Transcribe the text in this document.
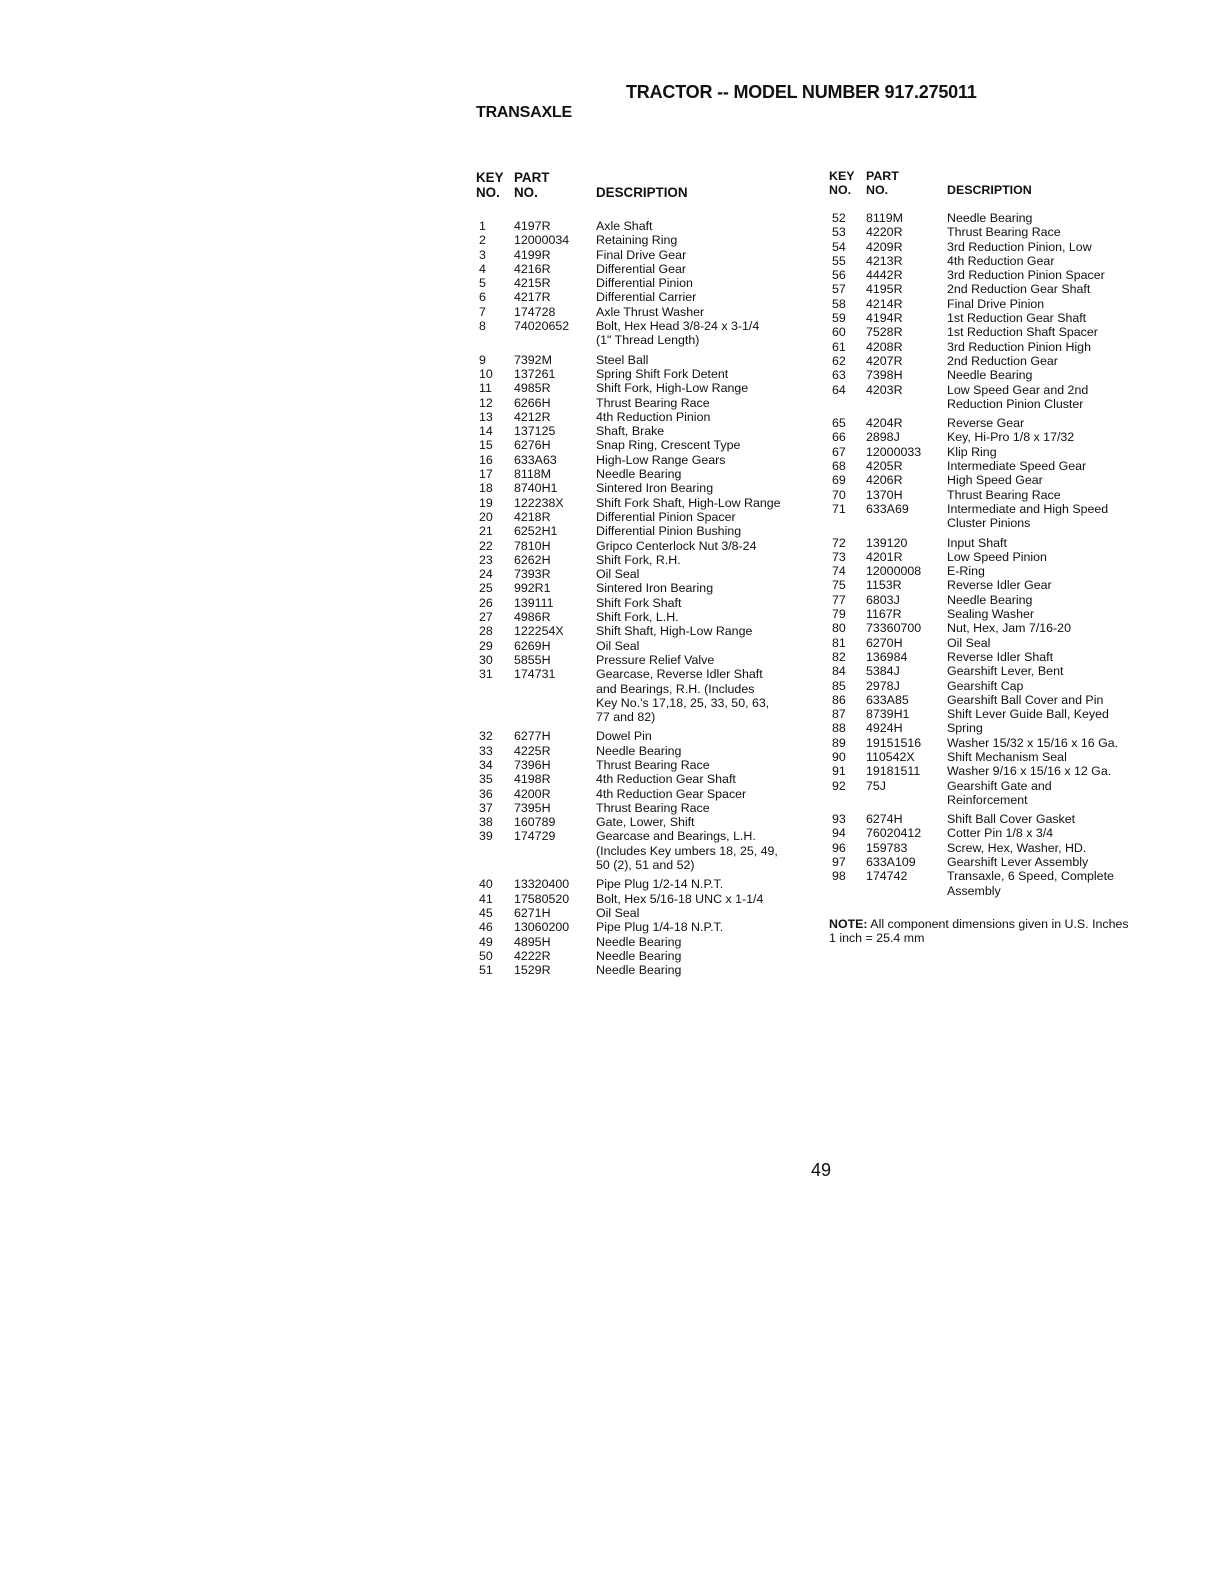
TRACTOR -- MODEL NUMBER 917.275011
TRANSAXLE
KEY
NO.
PART
NO.	DESCRIPTION
1	4197R	Axle Shaft
2	12000034	Retaining Ring
3	4199R	Final Drive Gear
4	4216R	Differential Gear
5	4215R	Differential Pinion
6	4217R	Differential Carrier
7	174728	Axle Thrust Washer
8	74020652	Bolt, Hex Head 3/8-24 x 3-1/4
(1" Thread Length)
9	7392M	Steel Ball
10	137261	Spring Shift Fork Detent
11	4985R	Shift Fork, High-Low Range
12	6266H	Thrust Bearing Race
13	4212R	4th Reduction Pinion
14	137125	Shaft, Brake
15	6276H	Snap Ring, Crescent Type
16	633A63	High-Low Range Gears
17	8118M	Needle Bearing
18	8740H1	Sintered Iron Bearing
19	122238X	Shift Fork Shaft, High-Low Range
20	4218R	Differential Pinion Spacer
21	6252H1	Differential Pinion Bushing
22	7810H	Gripco Centerlock Nut 3/8-24
23	6262H	Shift Fork, R.H.
24	7393R	Oil Seal
25	992R1	Sintered Iron Bearing
26	139111	Shift Fork Shaft
27	4986R	Shift Fork, L.H.
28	122254X	Shift Shaft, High-Low Range
29	6269H	Oil Seal
30	5855H	Pressure Relief Valve
31	174731	Gearcase, Reverse Idler Shaft
and Bearings, R.H. (Includes
Key No.'s 17,18, 25, 33, 50, 63,
77 and 82)
32	6277H	Dowel Pin
33	4225R	Needle Bearing
34	7396H	Thrust Bearing Race
35	4198R	4th Reduction Gear Shaft
36	4200R	4th Reduction Gear Spacer
37	7395H	Thrust Bearing Race
38	160789	Gate, Lower, Shift
39	174729	Gearcase and Bearings, L.H.
(Includes Key umbers 18, 25, 49,
50 (2), 51 and 52)
40	13320400	Pipe Plug 1/2-14 N.P.T.
41	17580520	Bolt, Hex 5/16-18 UNC x 1-1/4
45	6271H	Oil Seal
46	13060200	Pipe Plug 1/4-18 N.P.T.
49	4895H	Needle Bearing
50	4222R	Needle Bearing
51	1529R	Needle Bearing
KEY
NO.
PART
NO.	DESCRIPTION
52	8119M	Needle Bearing
53	4220R	Thrust Bearing Race
54	4209R	3rd Reduction Pinion, Low
55	4213R	4th Reduction Gear
56	4442R	3rd Reduction Pinion Spacer
57	4195R	2nd Reduction Gear Shaft
58	4214R	Final Drive Pinion
59	4194R	1st Reduction Gear Shaft
60	7528R	1st Reduction Shaft Spacer
61	4208R	3rd Reduction Pinion High
62	4207R	2nd Reduction Gear
63	7398H	Needle Bearing
64	4203R	Low Speed Gear and 2nd
Reduction Pinion Cluster
65	4204R	Reverse Gear
66	2898J	Key, Hi-Pro 1/8 x 17/32
67	12000033	Klip Ring
68	4205R	Intermediate Speed Gear
69	4206R	High Speed Gear
70	1370H	Thrust Bearing Race
71	633A69	Intermediate and High Speed
Cluster Pinions
72	139120	Input Shaft
73	4201R	Low Speed Pinion
74	12000008	E-Ring
75	1153R	Reverse Idler Gear
77	6803J	Needle Bearing
79	1167R	Sealing Washer
80	73360700	Nut, Hex, Jam 7/16-20
81	6270H	Oil Seal
82	136984	Reverse Idler Shaft
84	5384J	Gearshift Lever, Bent
85	2978J	Gearshift Cap
86	633A85	Gearshift Ball Cover and Pin
87	8739H1	Shift Lever Guide Ball, Keyed
88	4924H	Spring
89	19151516	Washer 15/32 x 15/16 x 16 Ga.
90	110542X	Shift Mechanism Seal
91	19181511	Washer 9/16 x 15/16 x 12 Ga.
92	75J	Gearshift Gate and
Reinforcement
93	6274H	Shift Ball Cover Gasket
94	76020412	Cotter Pin 1/8 x 3/4
96	159783	Screw, Hex, Washer, HD.
97	633A109	Gearshift Lever Assembly
98	174742	Transaxle, 6 Speed, Complete
Assembly
NOTE: All component dimensions given in U.S. Inches 1 inch = 25.4 mm
49
